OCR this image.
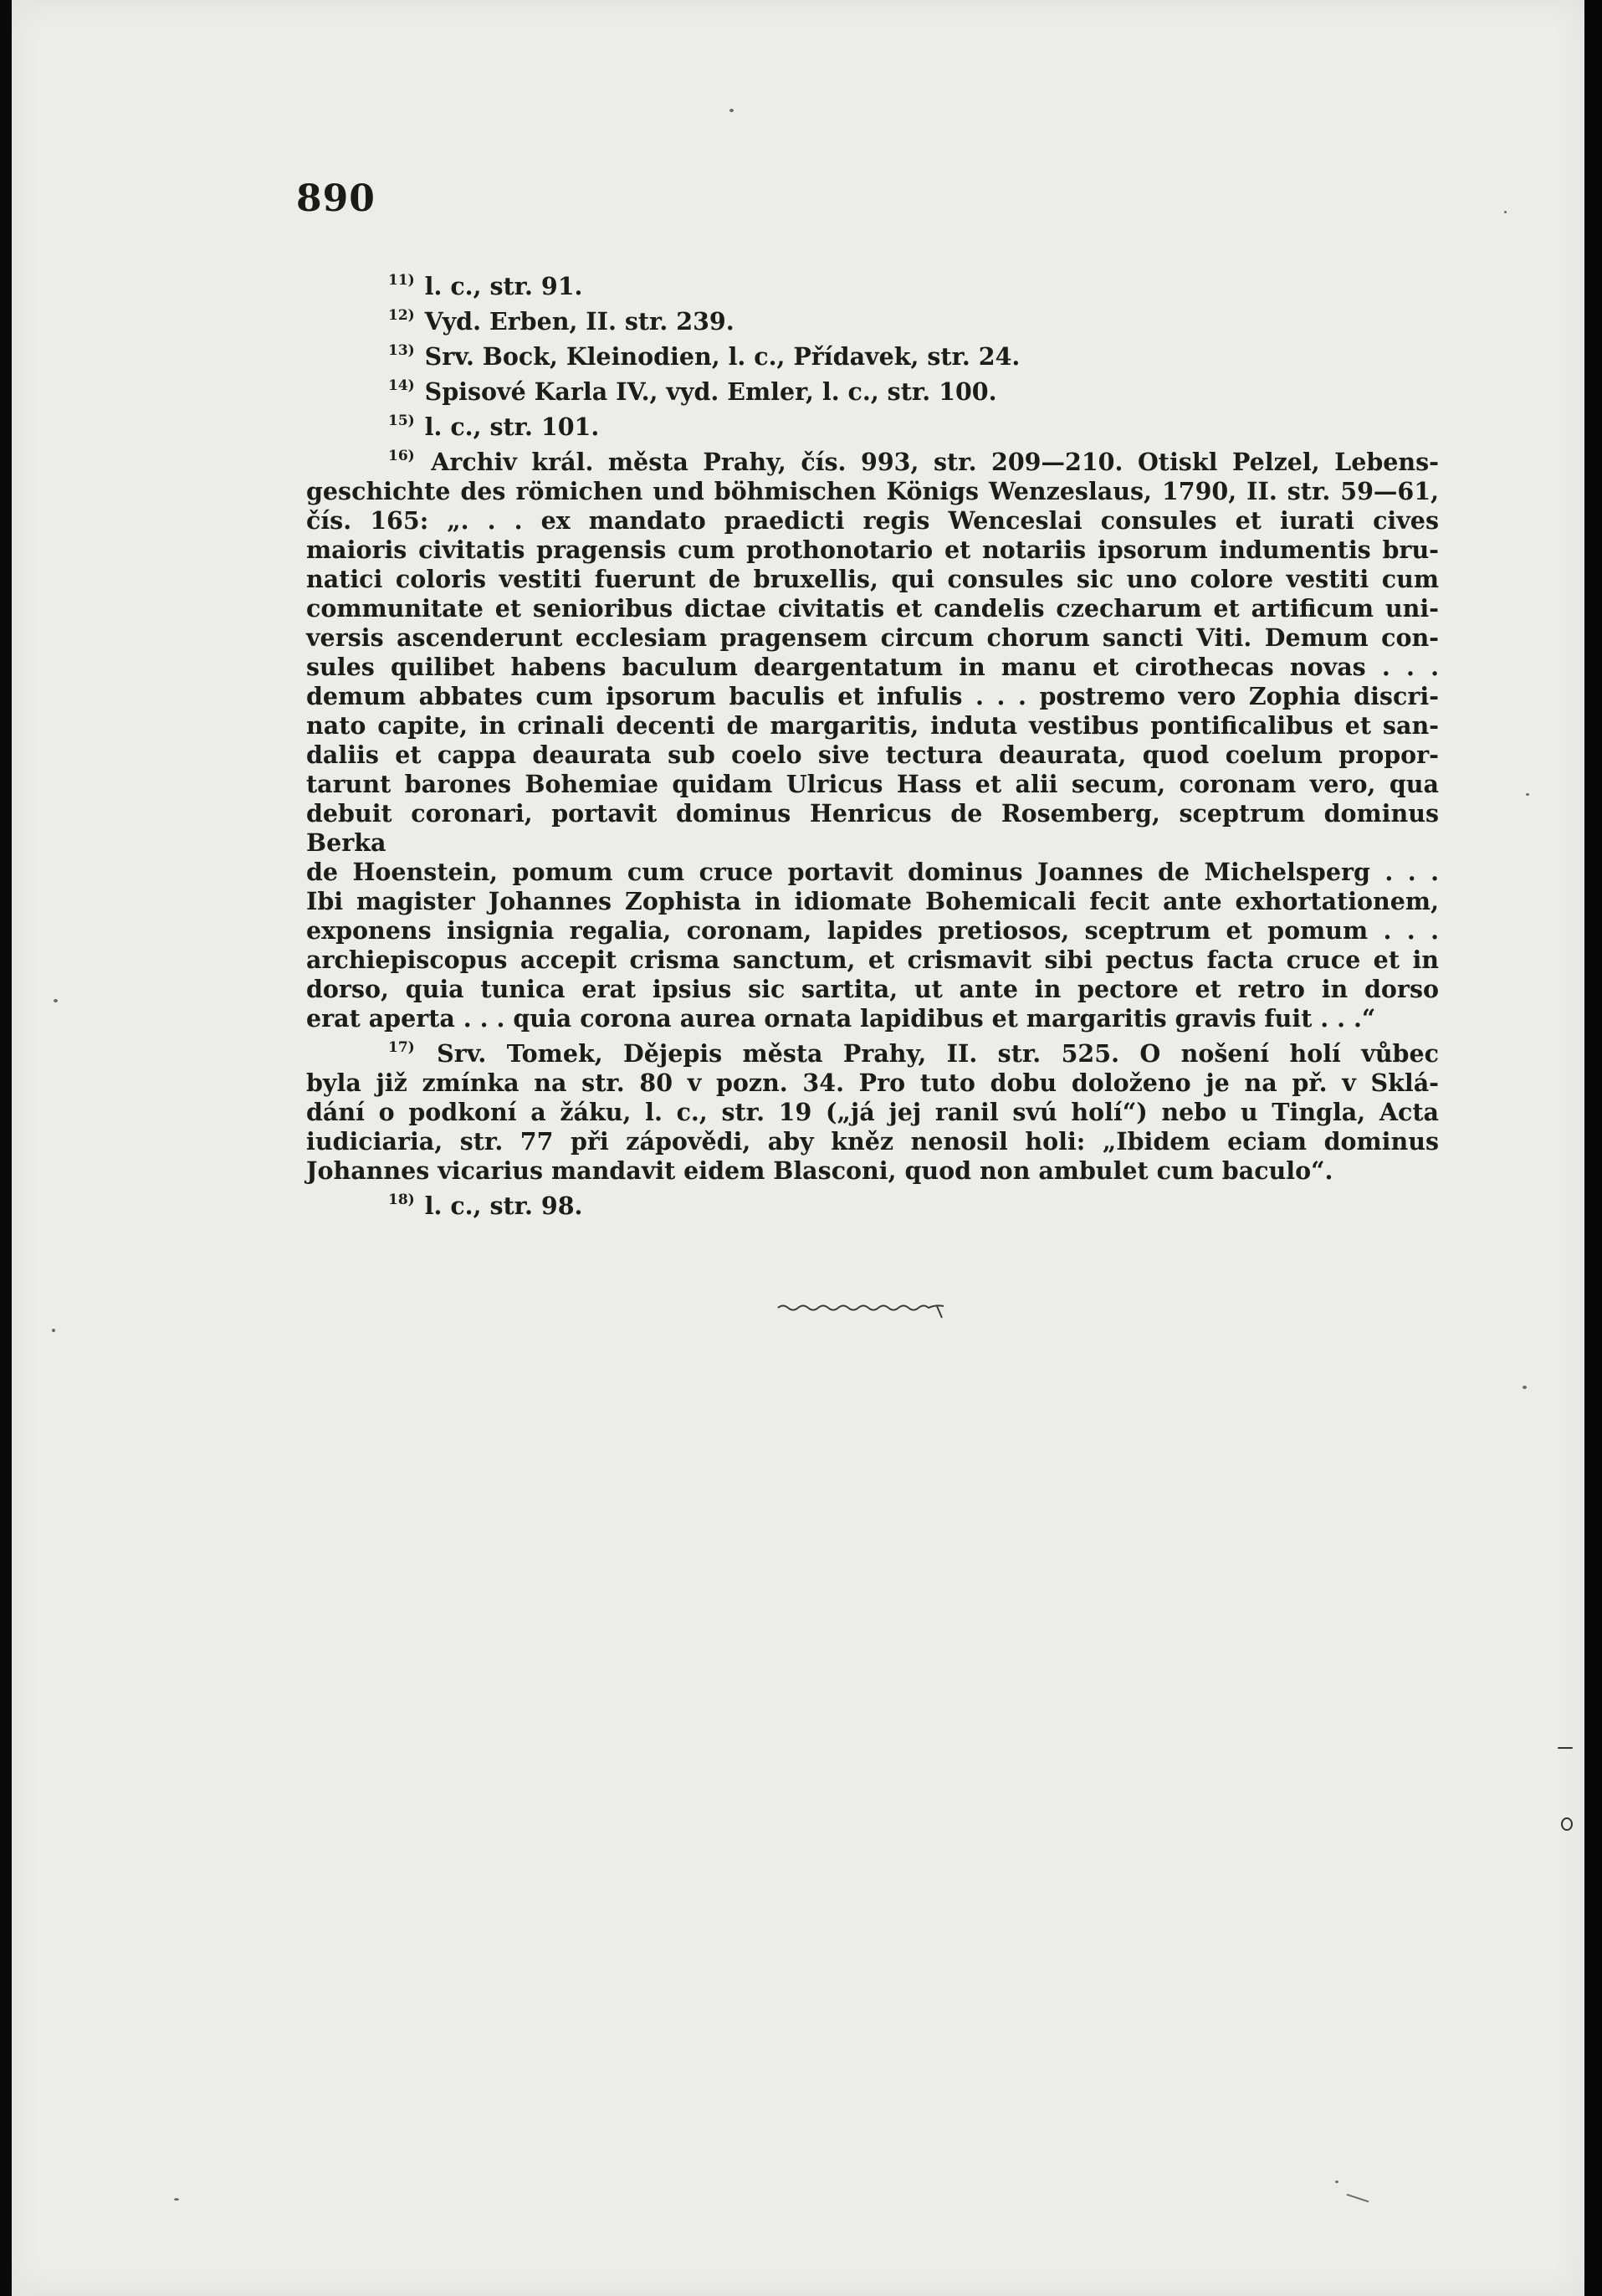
890

$^{11)}$ l. c., str. 91.

$^{12)}$ Vyd. Erben, II. str. 239.

$^{13)}$ Srv. Bock, Kleinodien, l. c., Přídavek, str. 24.

$^{14)}$ Spisové Karla IV., vyd. Emler, l. c., str. 100.

$^{15)}$ l. c., str. 101.

$^{16)}$ Archiv král. města Prahy, čís. 993, str. 209—210. Otiskl Pelzel, Lebens-
geschichte des römichen und böhmischen Königs Wenzeslaus, 1790, II. str. 59—61,
čís. 165: „. . . ex mandato praedicti regis Wenceslai consules et iurati cives
maioris civitatis pragensis cum prothonotario et notariis ipsorum indumentis bru-
natici coloris vestiti fuerunt de bruxellis, qui consules sic uno colore vestiti cum
communitate et senioribus dictae civitatis et candelis czecharum et artificum uni-
versis ascenderunt ecclesiam pragensem circum chorum sancti Viti. Demum con-
sules quilibet habens baculum deargentatum in manu et cirothecas novas . . .
demum abbates cum ipsorum baculis et infulis . . . postremo vero Zophia discri-
nato capite, in crinali decenti de margaritis, induta vestibus pontificalibus et san-
daliis et cappa deaurata sub coelo sive tectura deaurata, quod coelum propor-
tarunt barones Bohemiae quidam Ulricus Hass et alii secum, coronam vero, qua
debuit coronari, portavit dominus Henricus de Rosemberg, sceptrum dominus Berka
de Hoenstein, pomum cum cruce portavit dominus Joannes de Michelsperg . . .
Ibi magister Johannes Zophista in idiomate Bohemicali fecit ante exhortationem,
exponens insignia regalia, coronam, lapides pretiosos, sceptrum et pomum . . .
archiepiscopus accepit crisma sanctum, et crismavit sibi pectus facta cruce et in
dorso, quia tunica erat ipsius sic sartita, ut ante in pectore et retro in dorso
erat aperta . . . quia corona aurea ornata lapidibus et margaritis gravis fuit . . .“
$^{17)}$ Srv. Tomek, Dějepis města Prahy, II. str. 525. O nošení holí vůbec
byla již zmínka na str. 80 v pozn. 34. Pro tuto dobu doloženo je na př. v Sklá-
dání o podkoní a žáku, l. c., str. 19 („já jej ranil svú holí“) nebo u Tingla, Acta
iudiciaria, str. 77 při zápovědi, aby kněz nenosil holi: „Ibidem eciam dominus
Johannes vicarius mandavit eidem Blasconi, quod non ambulet cum baculo“.

$^{18)}$ l. c., str. 98.
